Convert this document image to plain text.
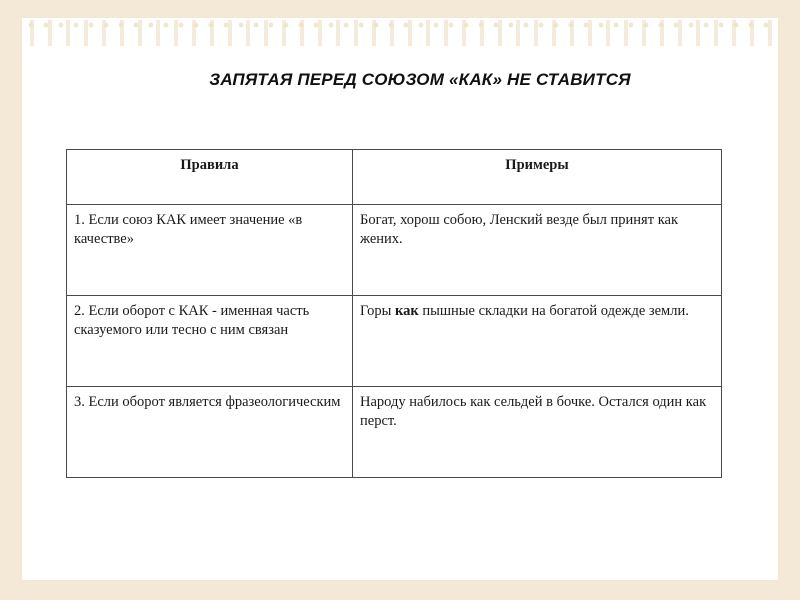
ЗАПЯТАЯ ПЕРЕД СОЮЗОМ «КАК» НЕ СТАВИТСЯ
Правила	Примеры
1. Если союз КАК имеет значение «в качестве»	Богат, хорош собою, Ленский везде был принят как жених.
2. Если оборот с КАК - именная часть сказуемого или тесно с ним связан	Горы как пышные складки на богатой одежде земли.
3. Если оборот является фразеологическим	Народу набилось как сельдей в бочке. Остался один как перст.
